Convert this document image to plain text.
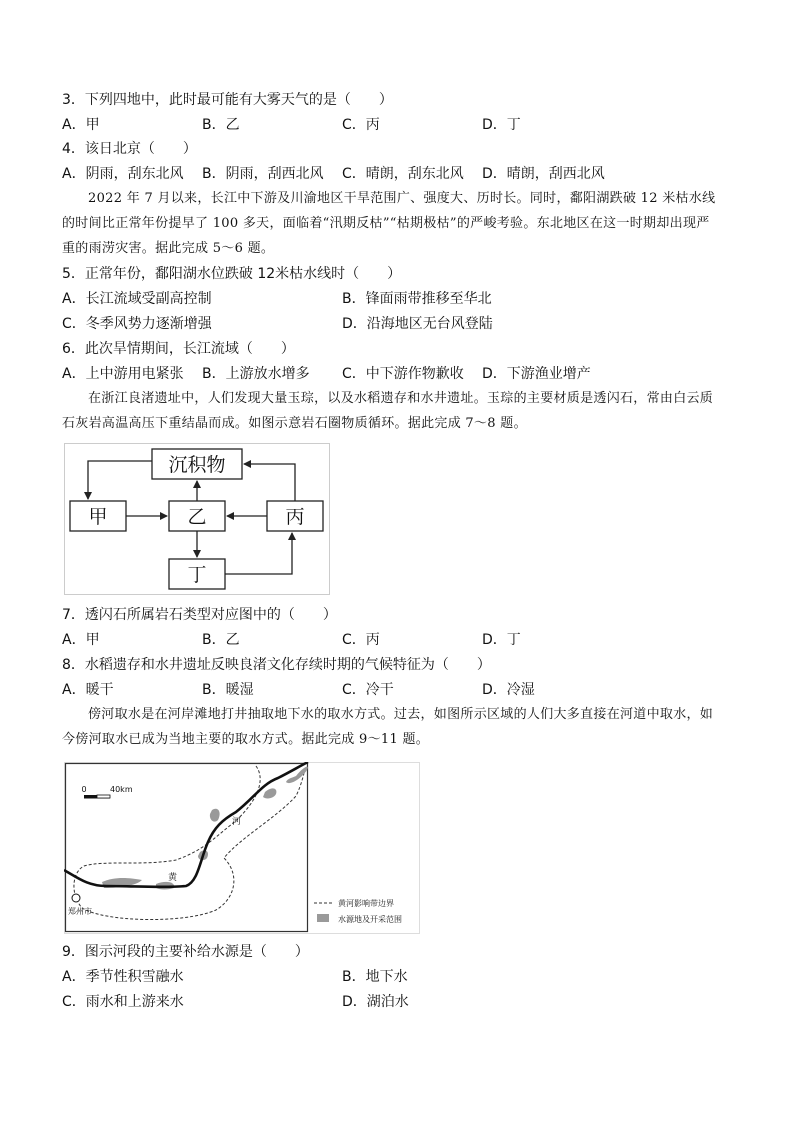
3．下列四地中，此时最可能有大雾天气的是（　　）
A．甲	B．乙	C．丙	D．丁
4．该日北京（　　）
A．阴雨，刮东北风 B．阴雨，刮西北风 C．晴朗，刮东北风 D．晴朗，刮西北风
2022 年 7 月以来，长江中下游及川渝地区干旱范围广、强度大、历时长。同时，鄱阳湖跌破 12 米枯水线的时间比正常年份提早了 100 多天，面临着“汛期反枯”“枯期极枯”的严峻考验。东北地区在这一时期却出现严重的雨涝灾害。据此完成 5～6 题。
5．正常年份，鄱阳湖水位跌破 12米枯水线时（　　）
A．长江流域受副高控制	B．锋面雨带推移至华北
C．冬季风势力逐渐增强	D．沿海地区无台风登陆
6．此次旱情期间，长江流域（　　）
A．上中游用电紧张 B．上游放水增多 C．中下游作物歉收 D．下游渔业增产
在浙江良渚遗址中，人们发现大量玉琮，以及水稻遗存和水井遗址。玉琮的主要材质是透闪石，常由白云质石灰岩高温高压下重结晶而成。如图示意岩石圈物质循环。据此完成 7～8 题。
沉积物
甲	乙	丙
丁
7．透闪石所属岩石类型对应图中的（　　）
A．甲	B．乙	C．丙	D．丁
8．水稻遗存和水井遗址反映良渚文化存续时期的气候特征为（　　）
A．暖干	B．暖湿	C．冷干	D．冷湿
傍河取水是在河岸滩地打井抽取地下水的取水方式。过去，如图所示区域的人们大多直接在河道中取水，如今傍河取水已成为当地主要的取水方式。据此完成 9～11 题。
0	40km
河
黄
郑州市
黄河影响带边界
水源地及开采范围
9．图示河段的主要补给水源是（　　）
A．季节性积雪融水	B．地下水
C．雨水和上游来水	D．湖泊水
